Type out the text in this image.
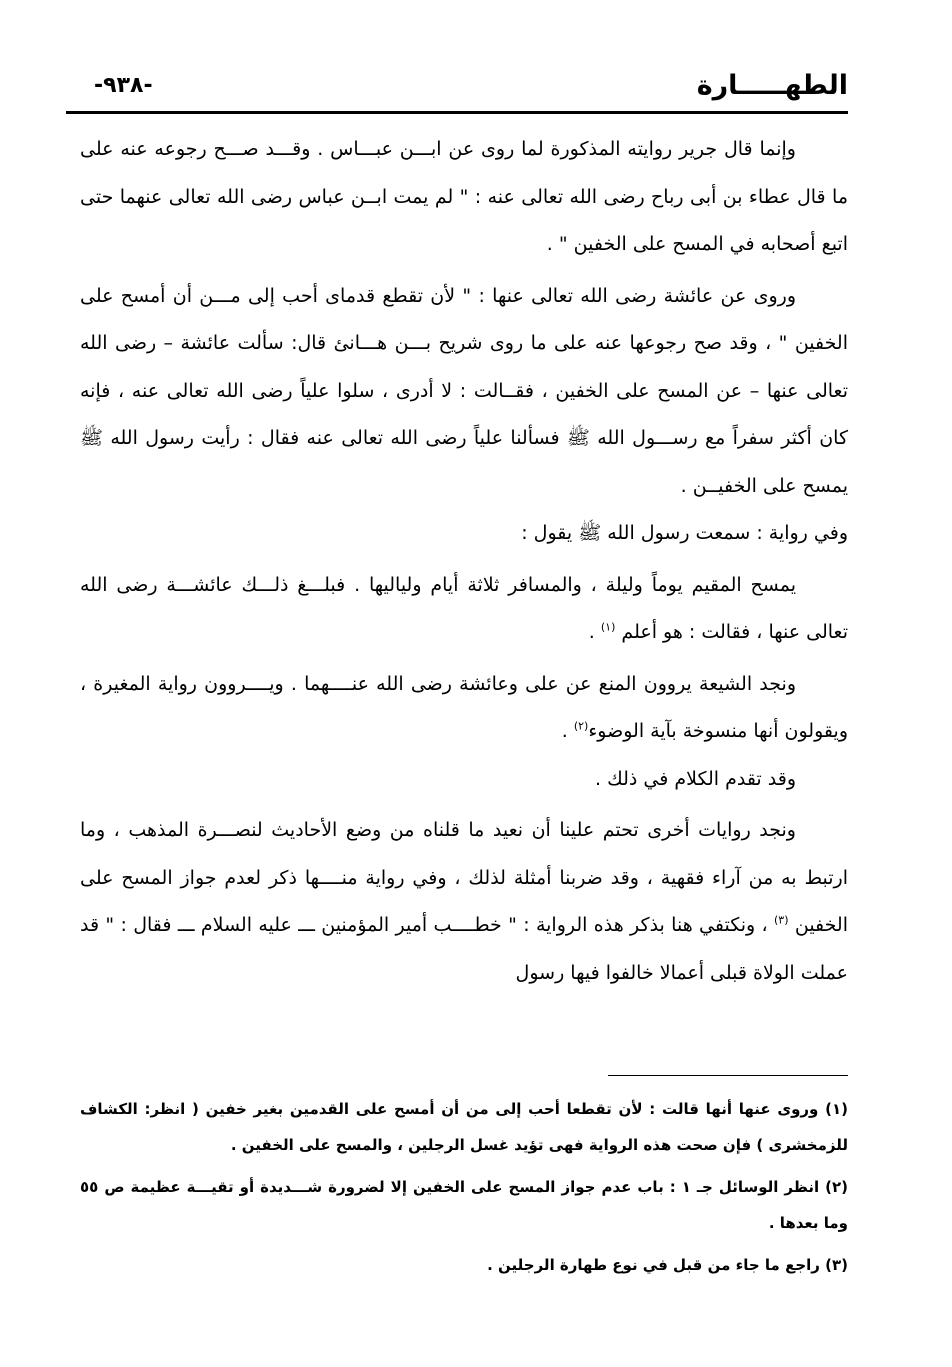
الطهـــــارة
-٩٣٨-

وإنما قال جرير روايته المذكورة لما روى عن ابـــن عبـــاس . وقـــد صـــح رجوعه عنه على ما قال عطاء بن أبى رباح رضى الله تعالى عنه : " لم يمت ابــن عباس رضى الله تعالى عنهما حتى اتبع أصحابه في المسح على الخفين " .

وروى عن عائشة رضى الله تعالى عنها : " لأن تقطع قدماى أحب إلى مـــن أن أمسح على الخفين " ، وقد صح رجوعها عنه على ما روى شريح بـــن هـــانئ قال: سألت عائشة – رضى الله تعالى عنها – عن المسح على الخفين ، فقــالت : لا أدرى ، سلوا علياً رضى الله تعالى عنه ، فإنه كان أكثر سفراً مع رســـول الله ﷺ فسألنا علياً رضى الله تعالى عنه فقال : رأيت رسول الله ﷺ يمسح على الخفيــن .

وفي رواية : سمعت رسول الله ﷺ يقول :

يمسح المقيم يوماً وليلة ، والمسافر ثلاثة أيام ولياليها . فبلـــغ ذلـــك عائشـــة رضى الله تعالى عنها ، فقالت : هو أعلم $^{(١)}$ .

ونجد الشيعة يروون المنع عن على وعائشة رضى الله عنــــهما . ويــــروون رواية المغيرة ، ويقولون أنها منسوخة بآية الوضوء$^{(٢)}$ .

وقد تقدم الكلام في ذلك .

ونجد روايات أخرى تحتم علينا أن نعيد ما قلناه من وضع الأحاديث لنصـــرة المذهب ، وما ارتبط به من آراء فقهية ، وقد ضربنا أمثلة لذلك ، وفي رواية منــــها ذكر لعدم جواز المسح على الخفين $^{(٣)}$ ، ونكتفي هنا بذكر هذه الرواية : " خطــــب أمير المؤمنين ـــ عليه السلام ـــ فقال : " قد عملت الولاة قبلى أعمالا خالفوا فيها رسول

(١) وروى عنها أنها قالت : لأن تقطعا أحب إلى من أن أمسح على القدمين بغير خفين ( انظر: الكشاف للزمخشرى ) فإن صحت هذه الرواية فهى تؤيد غسل الرجلين ، والمسح على الخفين .

(٢) انظر الوسائل جـ ١ : باب عدم جواز المسح على الخفين إلا لضرورة شـــديدة أو تقيـــة عظيمة ص ٥٥ وما بعدها .

(٣) راجع ما جاء من قبل في نوع طهارة الرجلين .
